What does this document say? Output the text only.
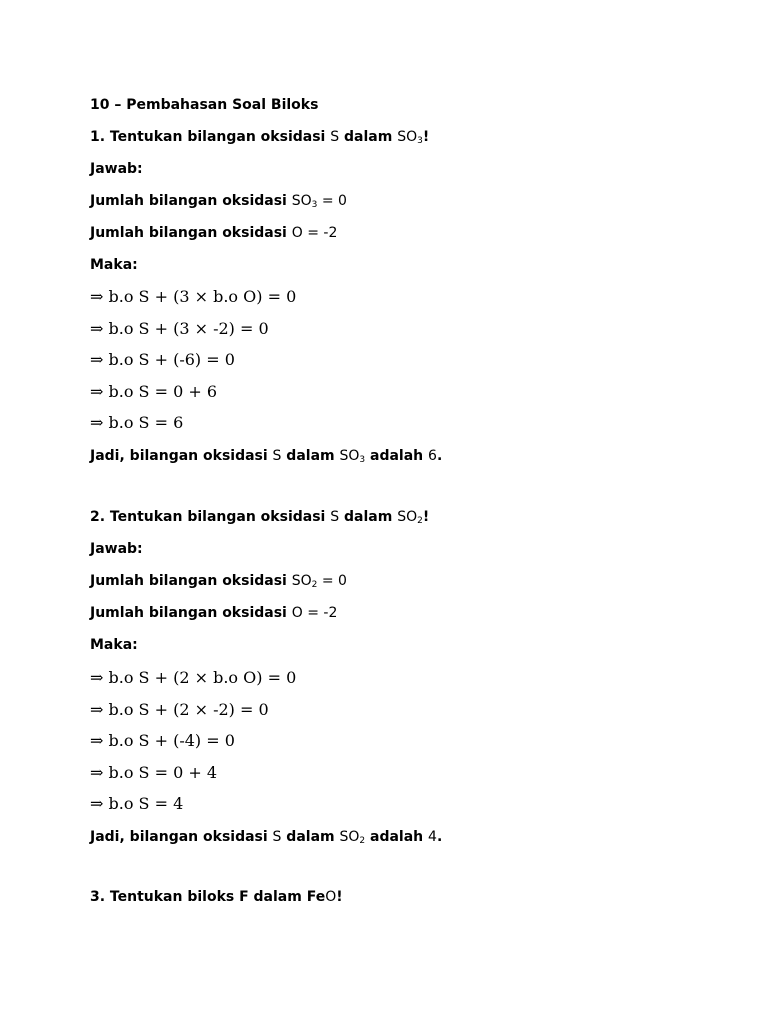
10 – Pembahasan Soal Biloks
1. Tentukan bilangan oksidasi S dalam $SO_3$!
Jawab:
Jumlah bilangan oksidasi $SO_3 = 0$
Jumlah bilangan oksidasi O = -2
Maka:
⇒ b.o S + (3 × b.o O) = 0
⇒ b.o S + (3 × -2) = 0
⇒ b.o S + (-6) = 0
⇒ b.o S = 0 + 6
⇒ b.o S = 6
Jadi, bilangan oksidasi S dalam $SO_3$ adalah 6.
2. Tentukan bilangan oksidasi S dalam $SO_2$!
Jawab:
Jumlah bilangan oksidasi $SO_2 = 0$
Jumlah bilangan oksidasi O = -2
Maka:
⇒ b.o S + (2 × b.o O) = 0
⇒ b.o S + (2 × -2) = 0
⇒ b.o S + (-4) = 0
⇒ b.o S = 0 + 4
⇒ b.o S = 4
Jadi, bilangan oksidasi S dalam $SO_2$ adalah 4.
3. Tentukan biloks F dalam FeO!
